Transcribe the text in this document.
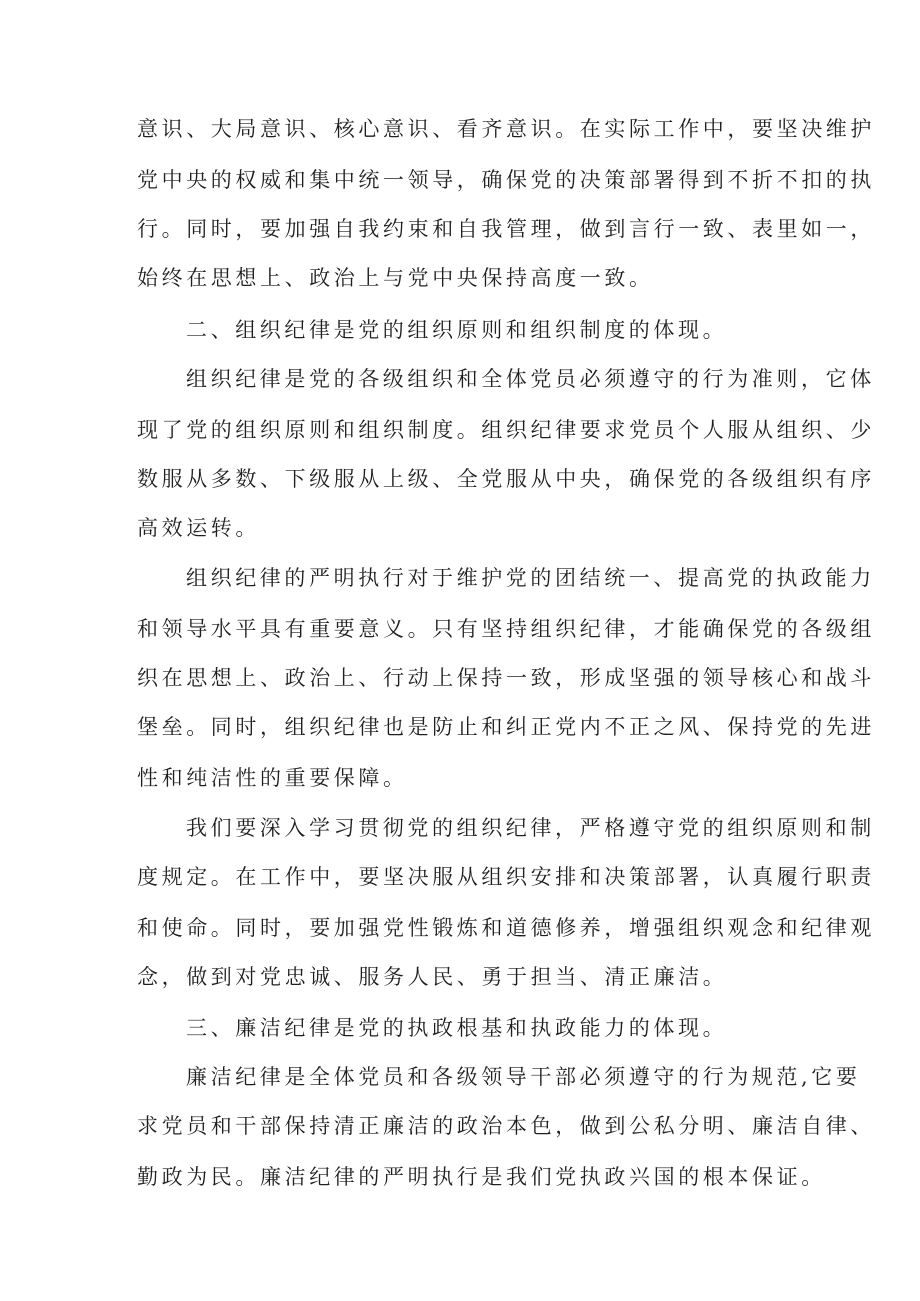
意识、大局意识、核心意识、看齐意识。在实际工作中，要坚决维护

党中央的权威和集中统一领导，确保党的决策部署得到不折不扣的执

行。同时，要加强自我约束和自我管理，做到言行一致、表里如一，

始终在思想上、政治上与党中央保持高度一致。

二、组织纪律是党的组织原则和组织制度的体现。

组织纪律是党的各级组织和全体党员必须遵守的行为准则，它体

现了党的组织原则和组织制度。组织纪律要求党员个人服从组织、少

数服从多数、下级服从上级、全党服从中央，确保党的各级组织有序

高效运转。

组织纪律的严明执行对于维护党的团结统一、提高党的执政能力

和领导水平具有重要意义。只有坚持组织纪律，才能确保党的各级组

织在思想上、政治上、行动上保持一致，形成坚强的领导核心和战斗

堡垒。同时，组织纪律也是防止和纠正党内不正之风、保持党的先进

性和纯洁性的重要保障。

我们要深入学习贯彻党的组织纪律，严格遵守党的组织原则和制

度规定。在工作中，要坚决服从组织安排和决策部署，认真履行职责

和使命。同时，要加强党性锻炼和道德修养，增强组织观念和纪律观

念，做到对党忠诚、服务人民、勇于担当、清正廉洁。

三、廉洁纪律是党的执政根基和执政能力的体现。

廉洁纪律是全体党员和各级领导干部必须遵守的行为规范,它要

求党员和干部保持清正廉洁的政治本色，做到公私分明、廉洁自律、

勤政为民。廉洁纪律的严明执行是我们党执政兴国的根本保证。
